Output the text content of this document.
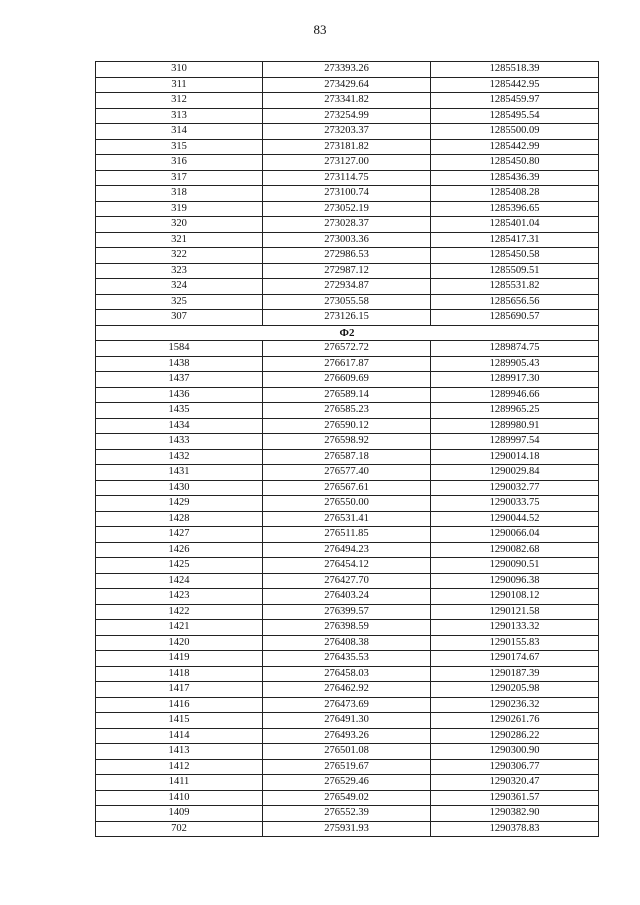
83
310	273393.26	1285518.39
311	273429.64	1285442.95
312	273341.82	1285459.97
313	273254.99	1285495.54
314	273203.37	1285500.09
315	273181.82	1285442.99
316	273127.00	1285450.80
317	273114.75	1285436.39
318	273100.74	1285408.28
319	273052.19	1285396.65
320	273028.37	1285401.04
321	273003.36	1285417.31
322	272986.53	1285450.58
323	272987.12	1285509.51
324	272934.87	1285531.82
325	273055.58	1285656.56
307	273126.15	1285690.57
Ф2		
1584	276572.72	1289874.75
1438	276617.87	1289905.43
1437	276609.69	1289917.30
1436	276589.14	1289946.66
1435	276585.23	1289965.25
1434	276590.12	1289980.91
1433	276598.92	1289997.54
1432	276587.18	1290014.18
1431	276577.40	1290029.84
1430	276567.61	1290032.77
1429	276550.00	1290033.75
1428	276531.41	1290044.52
1427	276511.85	1290066.04
1426	276494.23	1290082.68
1425	276454.12	1290090.51
1424	276427.70	1290096.38
1423	276403.24	1290108.12
1422	276399.57	1290121.58
1421	276398.59	1290133.32
1420	276408.38	1290155.83
1419	276435.53	1290174.67
1418	276458.03	1290187.39
1417	276462.92	1290205.98
1416	276473.69	1290236.32
1415	276491.30	1290261.76
1414	276493.26	1290286.22
1413	276501.08	1290300.90
1412	276519.67	1290306.77
1411	276529.46	1290320.47
1410	276549.02	1290361.57
1409	276552.39	1290382.90
702	275931.93	1290378.83
